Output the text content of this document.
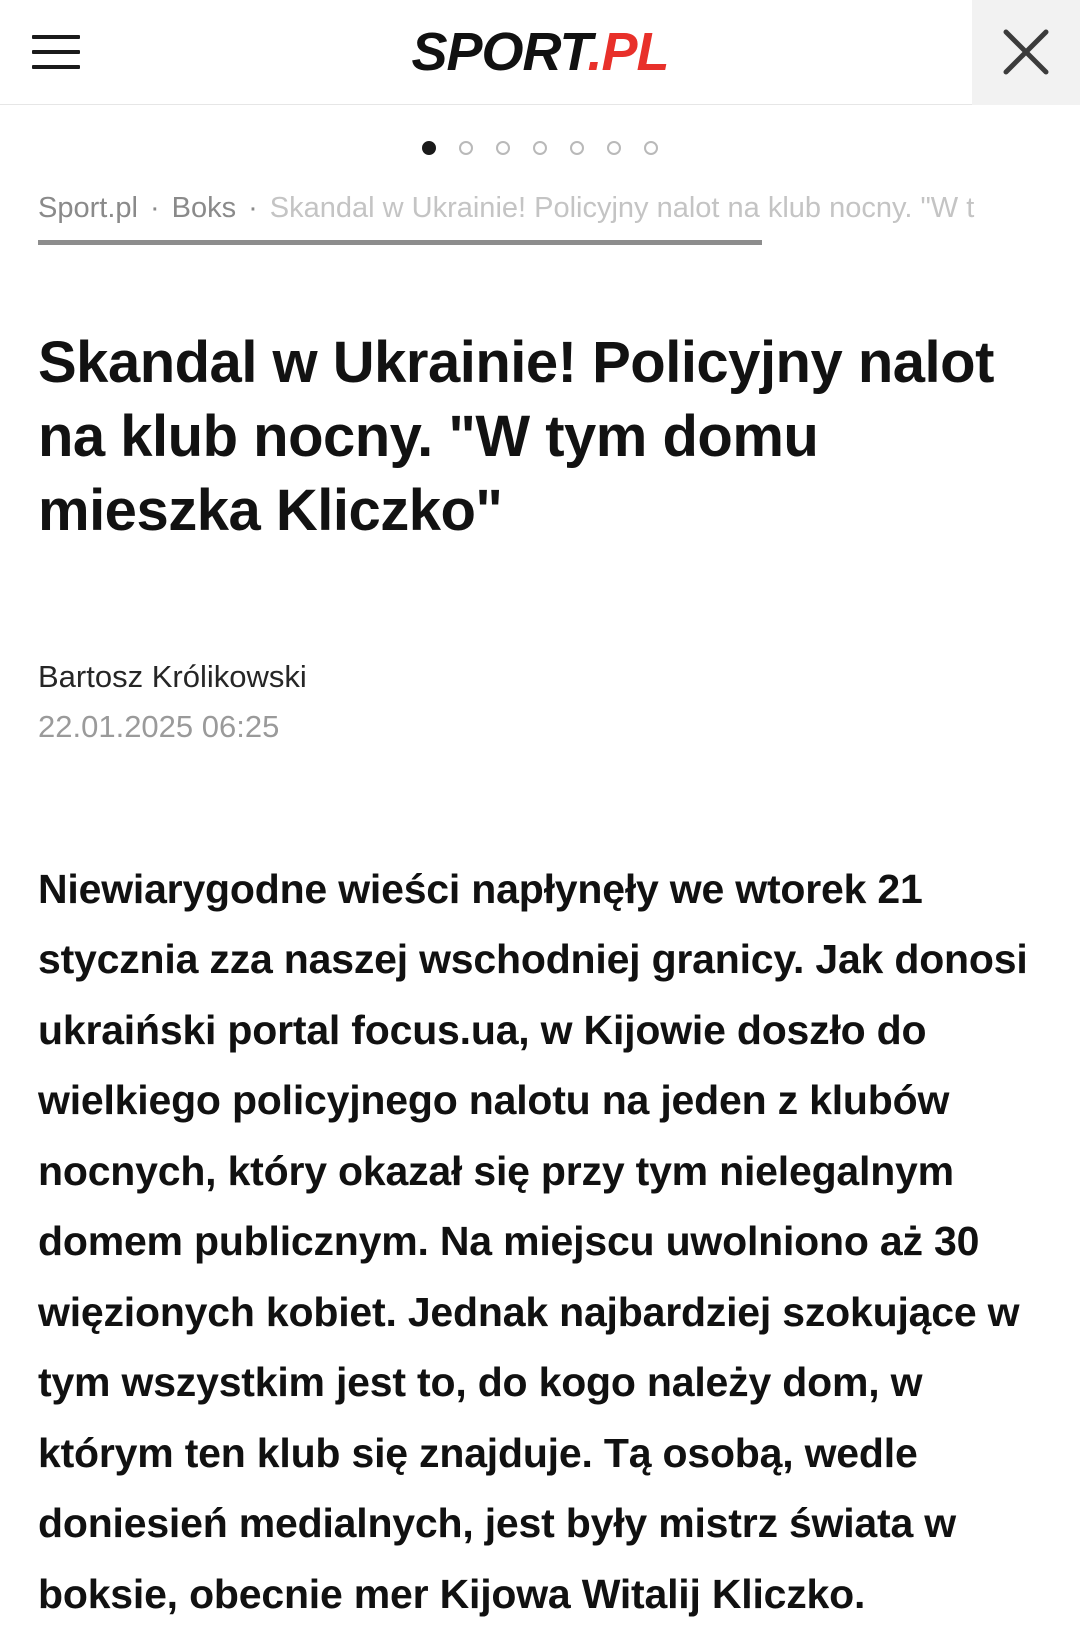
SPORT.PL
Sport.pl · Boks · Skandal w Ukrainie! Policyjny nalot na klub nocny. "W t
Skandal w Ukrainie! Policyjny nalot na klub nocny. "W tym domu mieszka Kliczko"
Bartosz Królikowski
22.01.2025 06:25

Niewiarygodne wieści napłynęły we wtorek 21 stycznia zza naszej wschodniej granicy. Jak donosi ukraiński portal focus.ua, w Kijowie doszło do wielkiego policyjnego nalotu na jeden z klubów nocnych, który okazał się przy tym nielegalnym domem publicznym. Na miejscu uwolniono aż 30 więzionych kobiet. Jednak najbardziej szokujące w tym wszystkim jest to, do kogo należy dom, w którym ten klub się znajduje. Tą osobą, wedle doniesień medialnych, jest były mistrz świata w boksie, obecnie mer Kijowa Witalij Kliczko.
